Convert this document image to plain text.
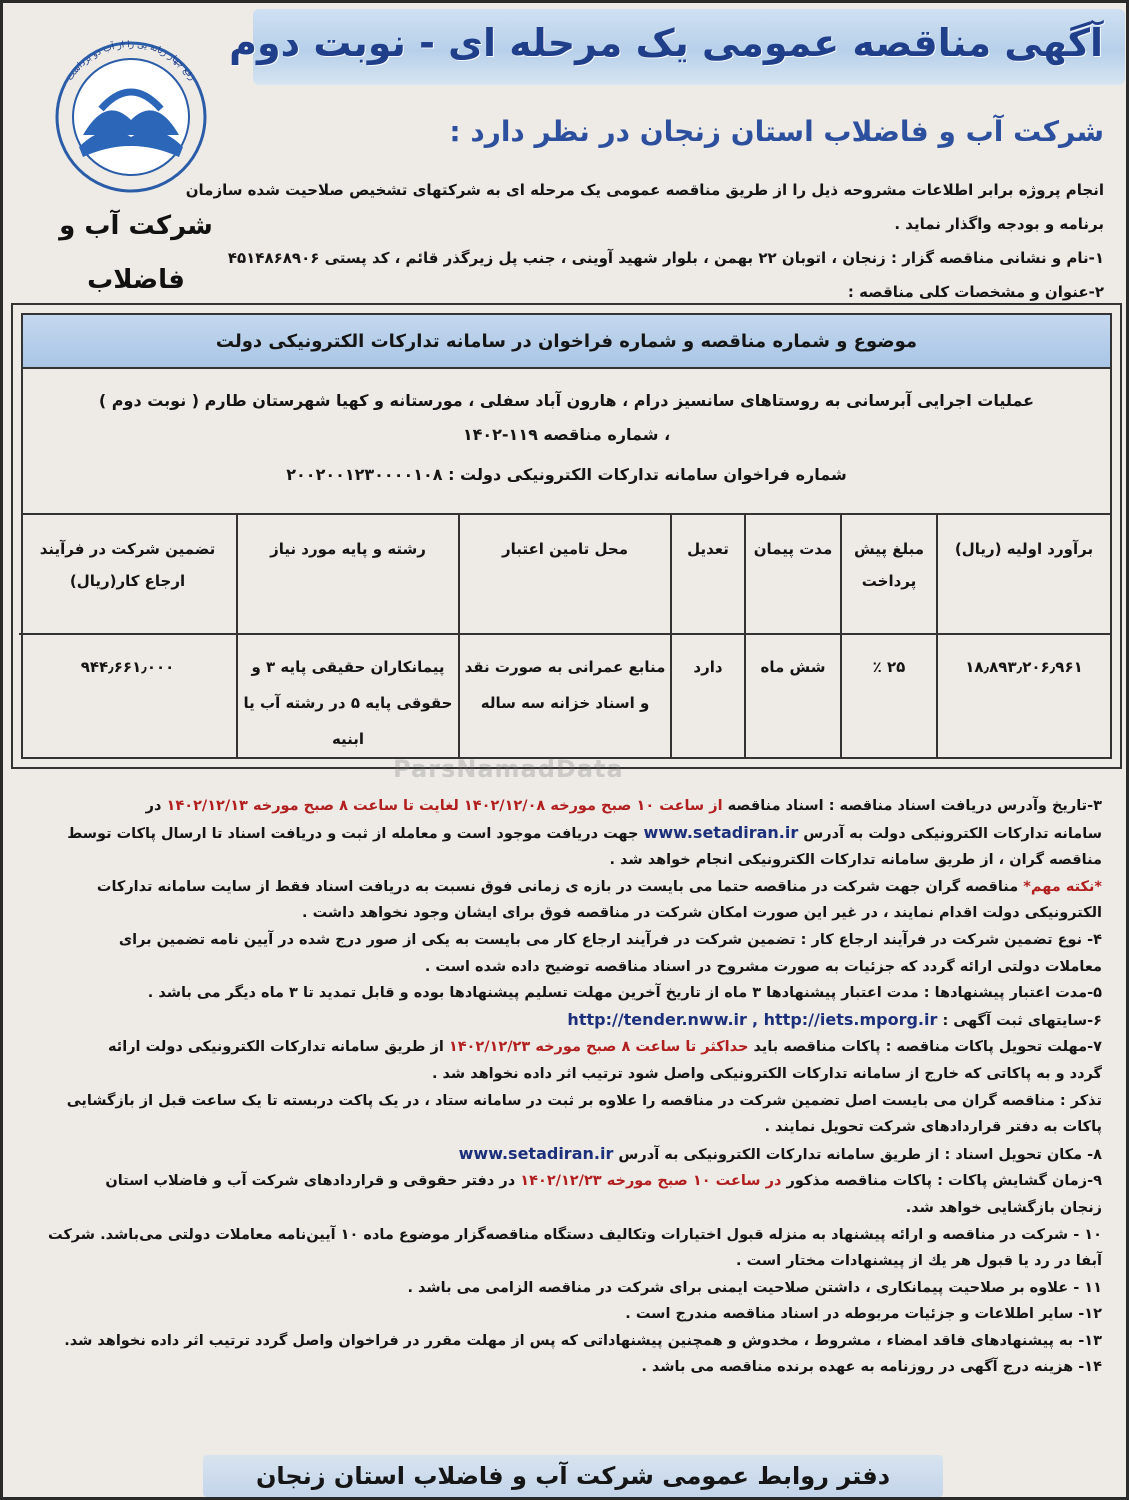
آگهی مناقصه عمومی یک مرحله ای - نوبت دوم
شرکت آب و فاضلاب استان زنجان در نظر دارد :
رفع چهار زبانه یی را از آب دو برداشت
شرکت آب و فاضلاب

انجام پروژه برابر اطلاعات مشروحه ذیل را از طریق مناقصه عمومی یک مرحله ای به شرکتهای تشخیص صلاحیت شده سازمان

برنامه و بودجه واگذار نماید .

۱-نام و نشانی مناقصه گزار : زنجان ، اتوبان ۲۲ بهمن ، بلوار شهید آوینی ، جنب پل زیرگذر قائم ، کد پستی ۴۵۱۴۸۶۸۹۰۶

۲-عنوان و مشخصات کلی مناقصه :

موضوع و شماره مناقصه و شماره فراخوان در سامانه تدارکات الکترونیکی دولت
عملیات اجرایی آبرسانی به روستاهای سانسیز درام ، هارون آباد سفلی ، مورستانه و کهیا شهرستان طارم ( نوبت دوم )
، شماره مناقصه ۱۱۹-۱۴۰۲
شماره فراخوان سامانه تدارکات الکترونیکی دولت : ۲۰۰۲۰۰۱۲۳۰۰۰۰۱۰۸
برآورد اولیه (ریال)
۱۸٫۸۹۳٫۲۰۶٫۹۶۱
مبلغ پیش پرداخت
۲۵ ٪
مدت پیمان
شش ماه
تعدیل
دارد
محل تامین اعتبار
منابع عمرانی به صورت نقد و اسناد خزانه سه ساله
رشته و پایه مورد نیاز
پیمانکاران حقیقی پایه ۳ و حقوقی پایه ۵ در رشته آب یا ابنیه
تضمین شرکت در فرآیند ارجاع کار(ریال)
۹۴۴٫۶۶۱٫۰۰۰
ParsNamadData

۳-تاریخ وآدرس دریافت اسناد مناقصه : اسناد مناقصه از ساعت ۱۰ صبح مورخه ۱۴۰۲/۱۲/۰۸ لغایت تا ساعت ۸ صبح مورخه ۱۴۰۲/۱۲/۱۳ در

سامانه تدارکات الکترونیکی دولت به آدرس www.setadiran.ir جهت دریافت موجود است و معامله از ثبت و دریافت اسناد تا ارسال پاکات توسط

مناقصه گران ، از طریق سامانه تدارکات الکترونیکی انجام خواهد شد .

*نکته مهم* مناقصه گران جهت شرکت در مناقصه حتما می بایست در بازه ی زمانی فوق نسبت به دریافت اسناد فقط از سایت سامانه تدارکات

الکترونیکی دولت اقدام نمایند ، در غیر این صورت امکان شرکت در مناقصه فوق برای ایشان وجود نخواهد داشت .

۴- نوع تضمین شرکت در فرآیند ارجاع کار : تضمین شرکت در فرآیند ارجاع کار می بایست به یکی از صور درج شده در آیین نامه تضمین برای

معاملات دولتی ارائه گردد که جزئیات به صورت مشروح در اسناد مناقصه توضیح داده شده است .

۵-مدت اعتبار پیشنهادها : مدت اعتبار پیشنهادها ۳ ماه از تاریخ آخرین مهلت تسلیم پیشنهادها بوده و قابل تمدید تا ۳ ماه دیگر می باشد .

۶-سایتهای ثبت آگهی : http://tender.nww.ir , http://iets.mporg.ir

۷-مهلت تحویل پاکات مناقصه : پاکات مناقصه باید حداکثر تا ساعت ۸ صبح مورخه ۱۴۰۲/۱۲/۲۳ از طریق سامانه تدارکات الکترونیکی دولت ارائه

گردد و به پاکاتی که خارج از سامانه تدارکات الکترونیکی واصل شود ترتیب اثر داده نخواهد شد .

تذکر : مناقصه گران می بایست اصل تضمین شرکت در مناقصه را علاوه بر ثبت در سامانه ستاد ، در یک پاکت دربسته تا یک ساعت قبل از بازگشایی

پاکات به دفتر قراردادهای شرکت تحویل نمایند .

۸- مکان تحویل اسناد : از طریق سامانه تدارکات الکترونیکی به آدرس www.setadiran.ir

۹-زمان گشایش پاکات : پاکات مناقصه مذکور در ساعت ۱۰ صبح مورخه ۱۴۰۲/۱۲/۲۳ در دفتر حقوقی و قراردادهای شرکت آب و فاضلاب استان

زنجان بازگشایی خواهد شد.

۱۰ - شرکت در مناقصه و ارائه پیشنهاد به منزله قبول اختیارات وتکالیف دستگاه مناقصه‌گزار موضوع ماده ۱۰ آیین‌نامه معاملات دولتی می‌باشد. شرکت

آبفا در رد یا قبول هر یك از پیشنهادات مختار است .

۱۱ - علاوه بر صلاحیت پیمانکاری ، داشتن صلاحیت ایمنی برای شرکت در مناقصه الزامی می باشد .

۱۲- سایر اطلاعات و جزئیات مربوطه در اسناد مناقصه مندرج است .

۱۳- به پیشنهادهای فاقد امضاء ، مشروط ، مخدوش و همچنین پیشنهاداتی که پس از مهلت مقرر در فراخوان واصل گردد ترتیب اثر داده نخواهد شد.

۱۴- هزینه درج آگهی در روزنامه به عهده برنده مناقصه می باشد .

دفتر روابط عمومی شرکت آب و فاضلاب استان زنجان
